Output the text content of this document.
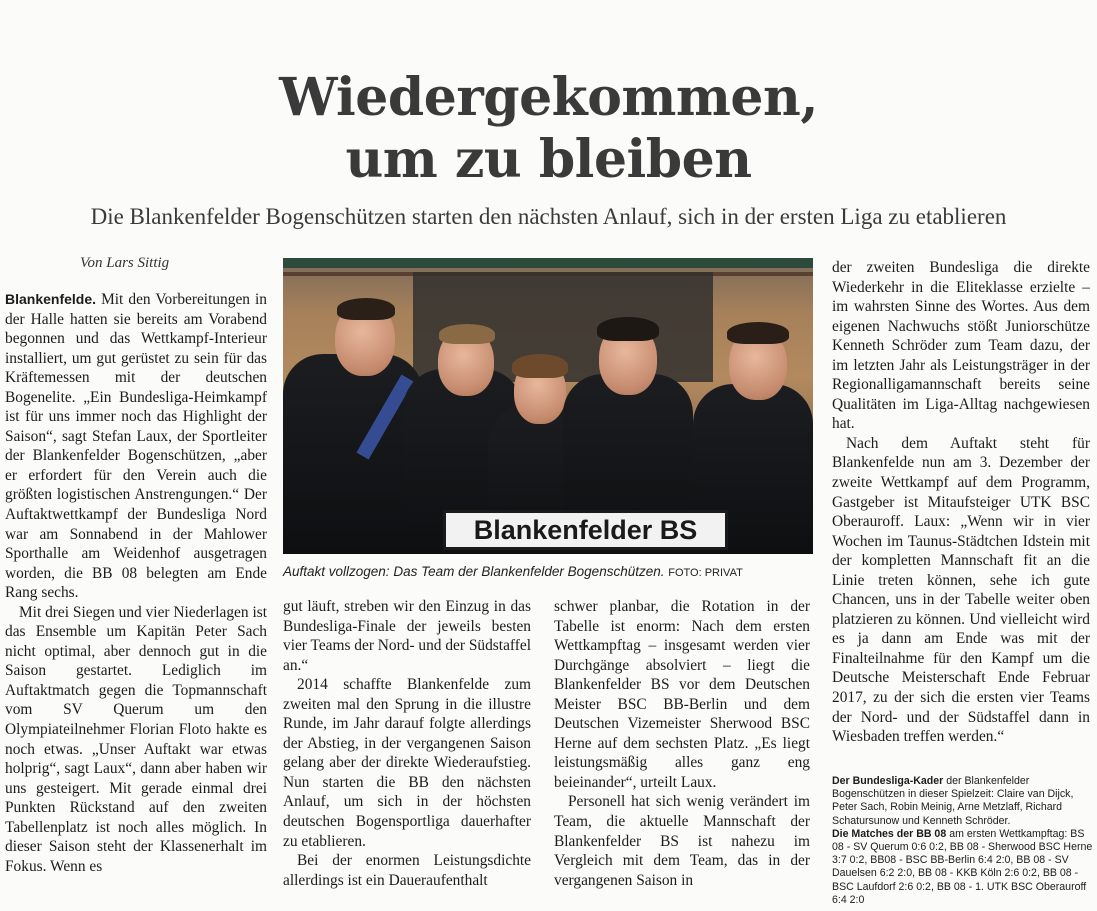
Wiedergekommen,
um zu bleiben
Die Blankenfelder Bogenschützen starten den nächsten Anlauf, sich in der ersten Liga zu etablieren
Von Lars Sittig

Blankenfelde. Mit den Vorbereitungen in der Halle hatten sie bereits am Vorabend begonnen und das Wettkampf-Interieur installiert, um gut gerüstet zu sein für das Kräftemessen mit der deutschen Bogenelite. „Ein Bundesliga-Heimkampf ist für uns immer noch das Highlight der Saison“, sagt Stefan Laux, der Sportleiter der Blankenfelder Bogenschützen, „aber er erfordert für den Verein auch die größten logistischen Anstrengungen.“ Der Auftaktwettkampf der Bundesliga Nord war am Sonnabend in der Mahlower Sporthalle am Weidenhof ausgetragen worden, die BB 08 belegten am Ende Rang sechs.

Mit drei Siegen und vier Niederlagen ist das Ensemble um Kapitän Peter Sach nicht optimal, aber dennoch gut in die Saison gestartet. Lediglich im Auftaktmatch gegen die Topmannschaft vom SV Querum um den Olympiateilnehmer Florian Floto hakte es noch etwas. „Unser Auftakt war etwas holprig“, sagt Laux“, dann aber haben wir uns gesteigert. Mit gerade einmal drei Punkten Rückstand auf den zweiten Tabellenplatz ist noch alles möglich. In dieser Saison steht der Klassenerhalt im Fokus. Wenn es

Blankenfelder BS
Auftakt vollzogen: Das Team der Blankenfelder Bogenschützen. FOTO: PRIVAT

gut läuft, streben wir den Einzug in das Bundesliga-Finale der jeweils besten vier Teams der Nord- und der Südstaffel an.“

2014 schaffte Blankenfelde zum zweiten mal den Sprung in die illustre Runde, im Jahr darauf folgte allerdings der Abstieg, in der vergangenen Saison gelang aber der direkte Wiederaufstieg. Nun starten die BB den nächsten Anlauf, um sich in der höchsten deutschen Bogensportliga dauerhafter zu etablieren.

Bei der enormen Leistungsdichte allerdings ist ein Daueraufenthalt

schwer planbar, die Rotation in der Tabelle ist enorm: Nach dem ersten Wettkampftag – insgesamt werden vier Durchgänge absolviert – liegt die Blankenfelder BS vor dem Deutschen Meister BSC BB-Berlin und dem Deutschen Vizemeister Sherwood BSC Herne auf dem sechsten Platz. „Es liegt leistungsmäßig alles ganz eng beieinander“, urteilt Laux.

Personell hat sich wenig verändert im Team, die aktuelle Mannschaft der Blankenfelder BS ist nahezu im Vergleich mit dem Team, das in der vergangenen Saison in

der zweiten Bundesliga die direkte Wiederkehr in die Eliteklasse erzielte – im wahrsten Sinne des Wortes. Aus dem eigenen Nachwuchs stößt Juniorschütze Kenneth Schröder zum Team dazu, der im letzten Jahr als Leistungsträger in der Regionalligamannschaft bereits seine Qualitäten im Liga-Alltag nachgewiesen hat.

Nach dem Auftakt steht für Blankenfelde nun am 3. Dezember der zweite Wettkampf auf dem Programm, Gastgeber ist Mitaufsteiger UTK BSC Oberauroff. Laux: „Wenn wir in vier Wochen im Taunus-Städtchen Idstein mit der kompletten Mannschaft fit an die Linie treten können, sehe ich gute Chancen, uns in der Tabelle weiter oben platzieren zu können. Und vielleicht wird es ja dann am Ende was mit der Finalteilnahme für den Kampf um die Deutsche Meisterschaft Ende Februar 2017, zu der sich die ersten vier Teams der Nord- und der Südstaffel dann in Wiesbaden treffen werden.“

Der Bundesliga-Kader der Blankenfelder Bogenschützen in dieser Spielzeit: Claire van Dijck, Peter Sach, Robin Meinig, Arne Metzlaff, Richard Schatursunow und Kenneth Schröder.

Die Matches der BB 08 am ersten Wettkampftag: BS 08 - SV Querum 0:6 0:2, BB 08 - Sherwood BSC Herne 3:7 0:2, BB08 - BSC BB-Berlin 6:4 2:0, BB 08 - SV Dauelsen 6:2 2:0, BB 08 - KKB Köln 2:6 0:2, BB 08 - BSC Laufdorf 2:6 0:2, BB 08 - 1. UTK BSC Oberauroff 6:4 2:0
